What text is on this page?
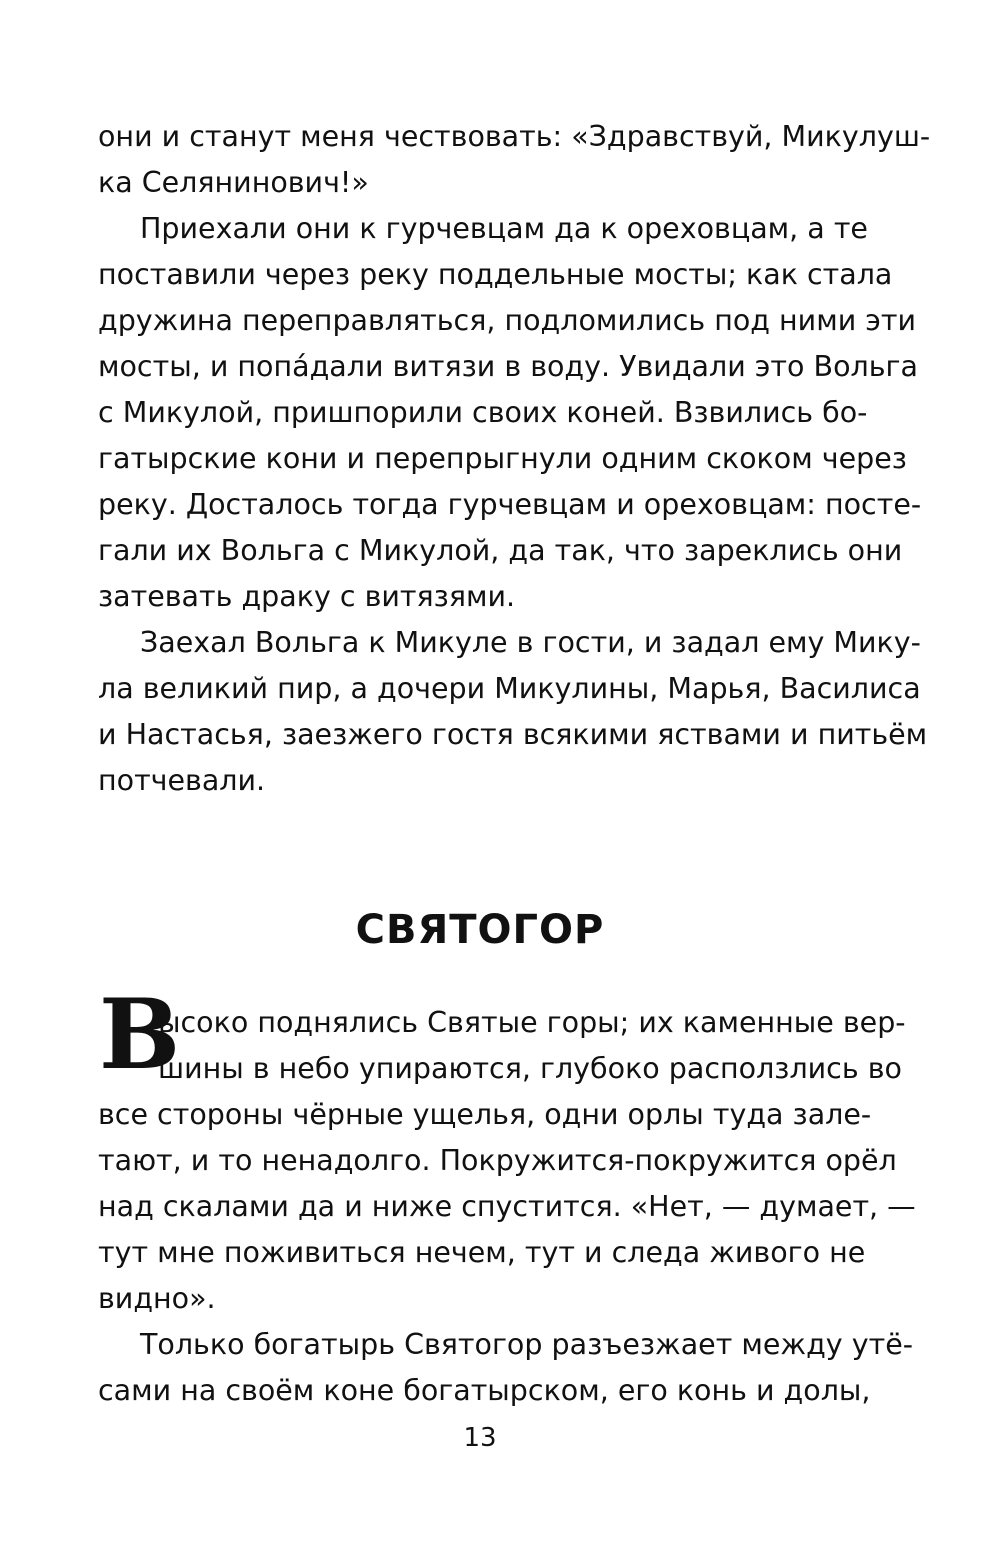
они и станут меня чествовать: «Здравствуй, Микулуш-
ка Селянинович!»
Приехали они к гурчевцам да к ореховцам, а те
поставили через реку поддельные мосты; как стала
дружина переправляться, подломились под ними эти
мосты, и попáдали витязи в воду. Увидали это Вольга
с Микулой, пришпорили своих коней. Взвились бо-
гатырские кони и перепрыгнули одним скоком через
реку. Досталось тогда гурчевцам и ореховцам: посте-
гали их Вольга с Микулой, да так, что зареклись они
затевать драку с витязями.
Заехал Вольга к Микуле в гости, и задал ему Мику-
ла великий пир, а дочери Микулины, Марья, Василиса
и Настасья, заезжего гостя всякими яствами и питьём
потчевали.
СВЯТОГОР
В
ысоко поднялись Святые горы; их каменные вер-
шины в небо упираются, глубоко расползлись во
все стороны чёрные ущелья, одни орлы туда зале-
тают, и то ненадолго. Покружится-покружится орёл
над скалами да и ниже спустится. «Нет, — думает, —
тут мне поживиться нечем, тут и следа живого не
видно».
Только богатырь Святогор разъезжает между утё-
сами на своём коне богатырском, его конь и долы,
13
